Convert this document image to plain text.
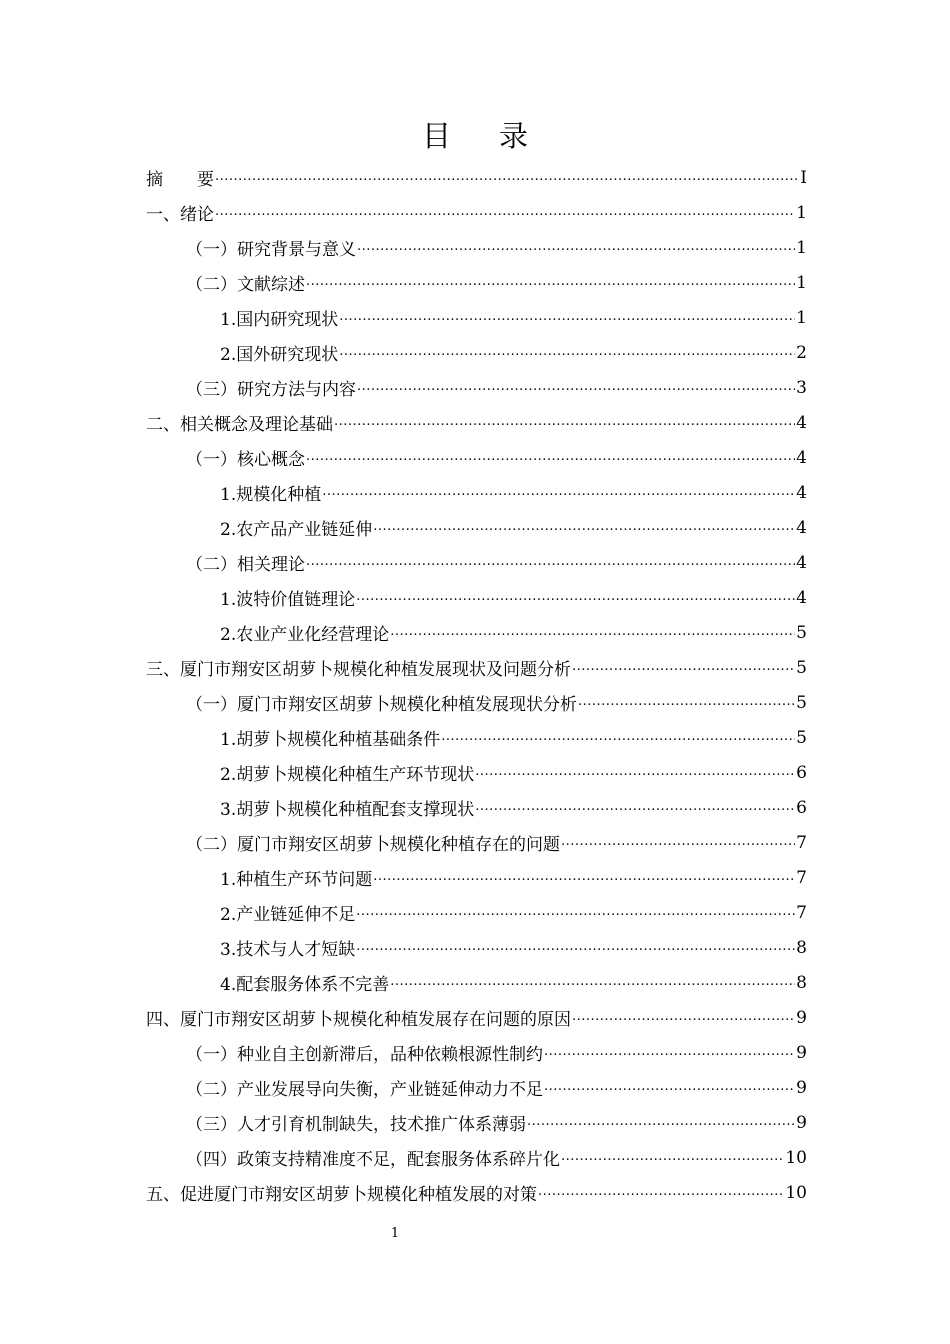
目录
摘　　要 .....	I
一、绪论 .....	1
（一）研究背景与意义 .....	1
（二）文献综述 .....	1
1.国内研究现状 .....	1
2.国外研究现状 .....	2
（三）研究方法与内容 .....	3
二、相关概念及理论基础 .....	4
（一）核心概念 .....	4
1.规模化种植 .....	4
2.农产品产业链延伸 .....	4
（二）相关理论 .....	4
1.波特价值链理论 .....	4
2.农业产业化经营理论 .....	5
三、厦门市翔安区胡萝卜规模化种植发展现状及问题分析 .....	5
（一）厦门市翔安区胡萝卜规模化种植发展现状分析 .....	5
1.胡萝卜规模化种植基础条件 .....	5
2.胡萝卜规模化种植生产环节现状 .....	6
3.胡萝卜规模化种植配套支撑现状 .....	6
（二）厦门市翔安区胡萝卜规模化种植存在的问题 .....	7
1.种植生产环节问题 .....	7
2.产业链延伸不足 .....	7
3.技术与人才短缺 .....	8
4.配套服务体系不完善 .....	8
四、厦门市翔安区胡萝卜规模化种植发展存在问题的原因 .....	9
（一）种业自主创新滞后，品种依赖根源性制约 .....	9
（二）产业发展导向失衡，产业链延伸动力不足 .....	9
（三）人才引育机制缺失，技术推广体系薄弱 .....	9
（四）政策支持精准度不足，配套服务体系碎片化 .....	10
五、促进厦门市翔安区胡萝卜规模化种植发展的对策 .....	10
1
